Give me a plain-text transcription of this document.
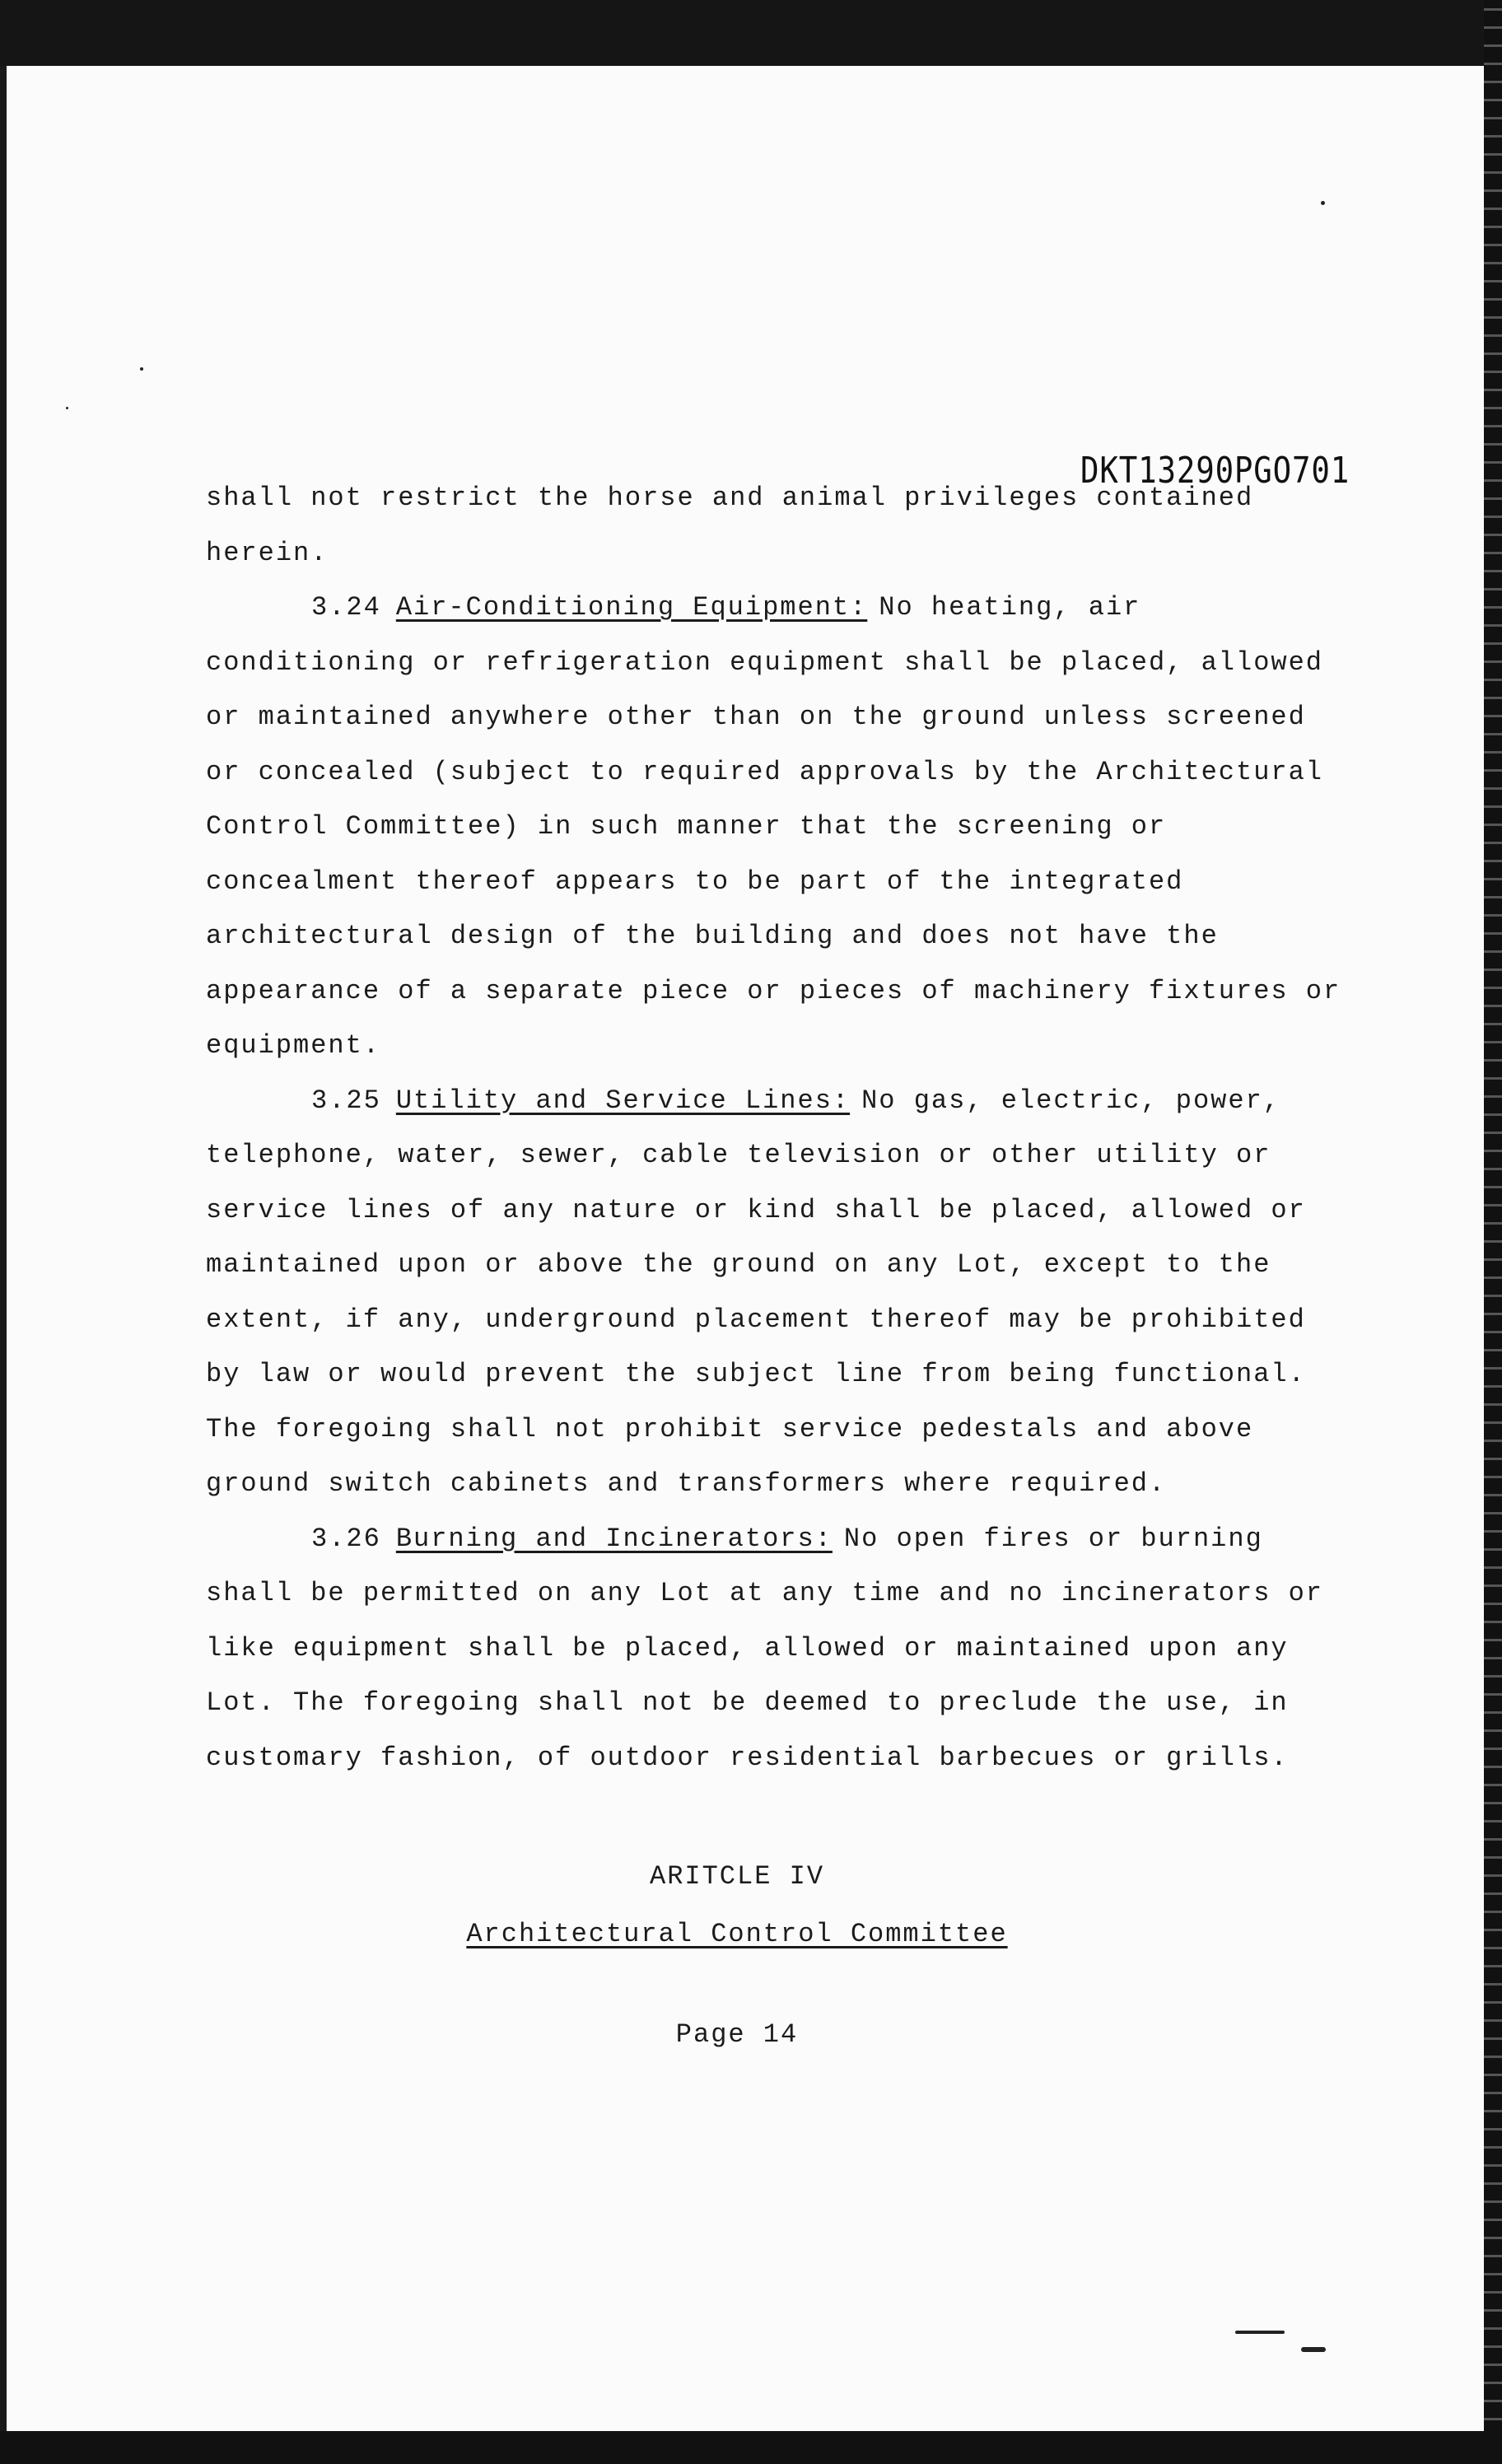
DKT13290PGO701

shall not restrict the horse and animal privileges contained

herein.

3.24 Air-Conditioning Equipment: No heating, air

conditioning or refrigeration equipment shall be placed, allowed

or maintained anywhere other than on the ground unless screened

or concealed (subject to required approvals by the Architectural

Control Committee) in such manner that the screening or

concealment thereof appears to be part of the integrated

architectural design of the building and does not have the

appearance of a separate piece or pieces of machinery fixtures or

equipment.

3.25 Utility and Service Lines: No gas, electric, power,

telephone, water, sewer, cable television or other utility or

service lines of any nature or kind shall be placed, allowed or

maintained upon or above the ground on any Lot, except to the

extent, if any, underground placement thereof may be prohibited

by law or would prevent the subject line from being functional.

The foregoing shall not prohibit service pedestals and above

ground switch cabinets and transformers where required.

3.26 Burning and Incinerators: No open fires or burning

shall be permitted on any Lot at any time and no incinerators or

like equipment shall be placed, allowed or maintained upon any

Lot. The foregoing shall not be deemed to preclude the use, in

customary fashion, of outdoor residential barbecues or grills.

ARITCLE IV
Architectural Control Committee
Page 14
